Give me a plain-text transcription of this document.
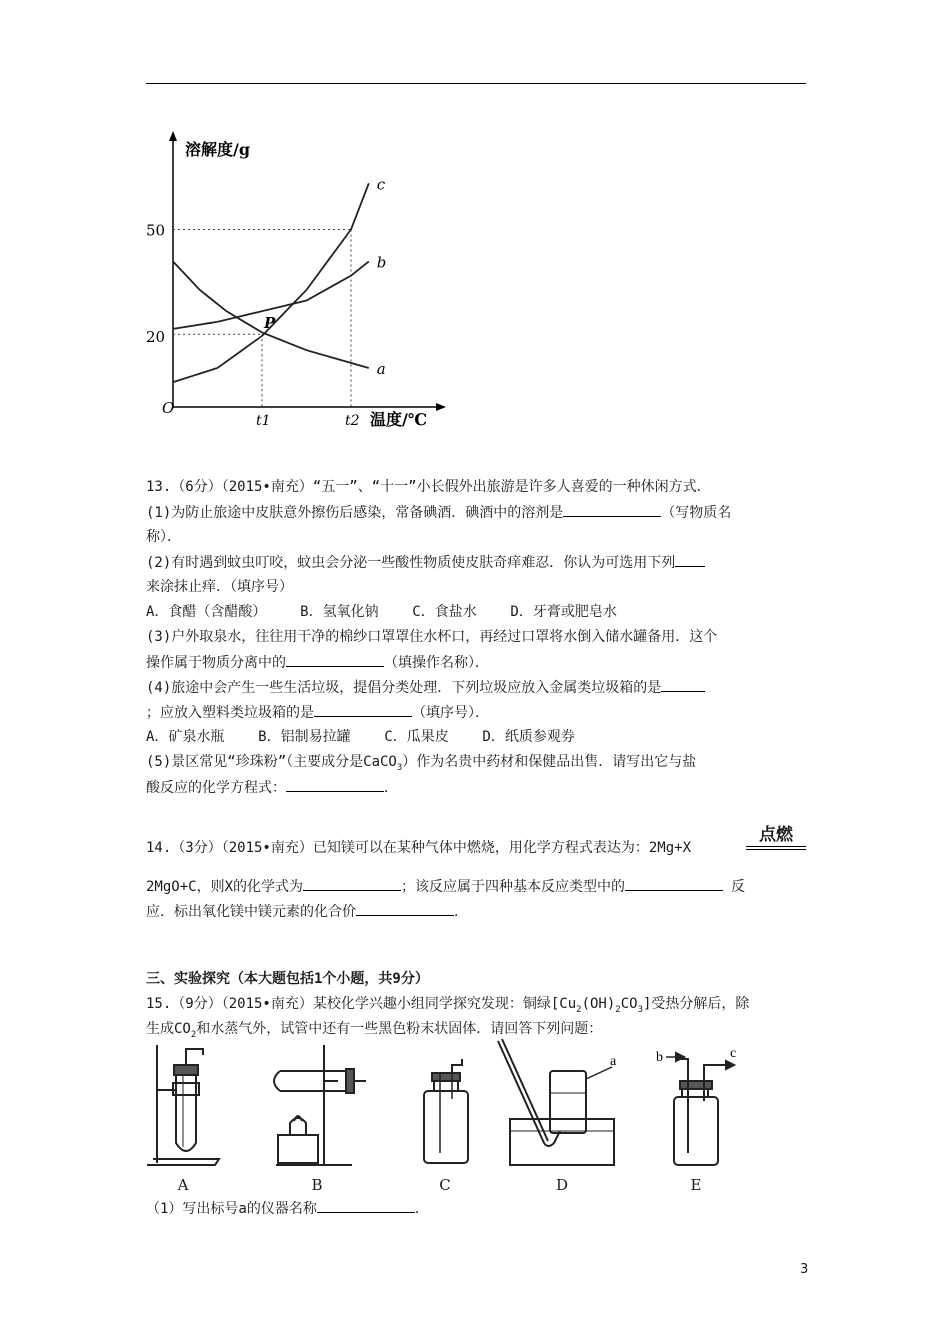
溶解度/g
温度/℃
O
c
b
a
50
20
t1	t2
P
13.（6分）（2015•南充）“五一”、“十一”小长假外出旅游是许多人喜爱的一种休闲方式．
(1)为防止旅途中皮肤意外擦伤后感染，常备碘酒．碘酒中的溶剂是	（写物质名
称）．
(2)有时遇到蚊虫叮咬，蚊虫会分泌一些酸性物质使皮肤奇痒难忍．你认为可选用下列
来涂抹止痒．（填序号）
A．食醋（含醋酸）    B．氢氧化钠    C．食盐水    D．牙膏或肥皂水
(3)户外取泉水，往往用干净的棉纱口罩罩住水杯口，再经过口罩将水倒入储水罐备用．这个
操作属于物质分离中的	（填操作名称）．
(4)旅途中会产生一些生活垃圾，提倡分类处理．下列垃圾应放入金属类垃圾箱的是
；应放入塑料类垃圾箱的是	（填序号）．
A．矿泉水瓶    B．铝制易拉罐    C．瓜果皮    D．纸质参观券
(5)景区常见“珍珠粉”（主要成分是CaCO$_3$）作为名贵中药材和保健品出售．请写出它与盐
酸反应的化学方程式：	．
14.（3分）（2015•南充）已知镁可以在某种气体中燃烧，用化学方程式表达为：2Mg+X
点燃
2MgO+C，则X的化学式为	；该反应属于四种基本反应类型中的	反
应．标出氧化镁中镁元素的化合价	．
三、实验探究（本大题包括1个小题，共9分）
15.（9分）（2015•南充）某校化学兴趣小组同学探究发现：铜绿$[Cu_2(OH)_2CO_3]$受热分解后，除
生成$CO_2$和水蒸气外，试管中还有一些黑色粉末状固体．请回答下列问题：
A	B	C
a
D
b	c
E
（1）写出标号a的仪器名称	．
3
